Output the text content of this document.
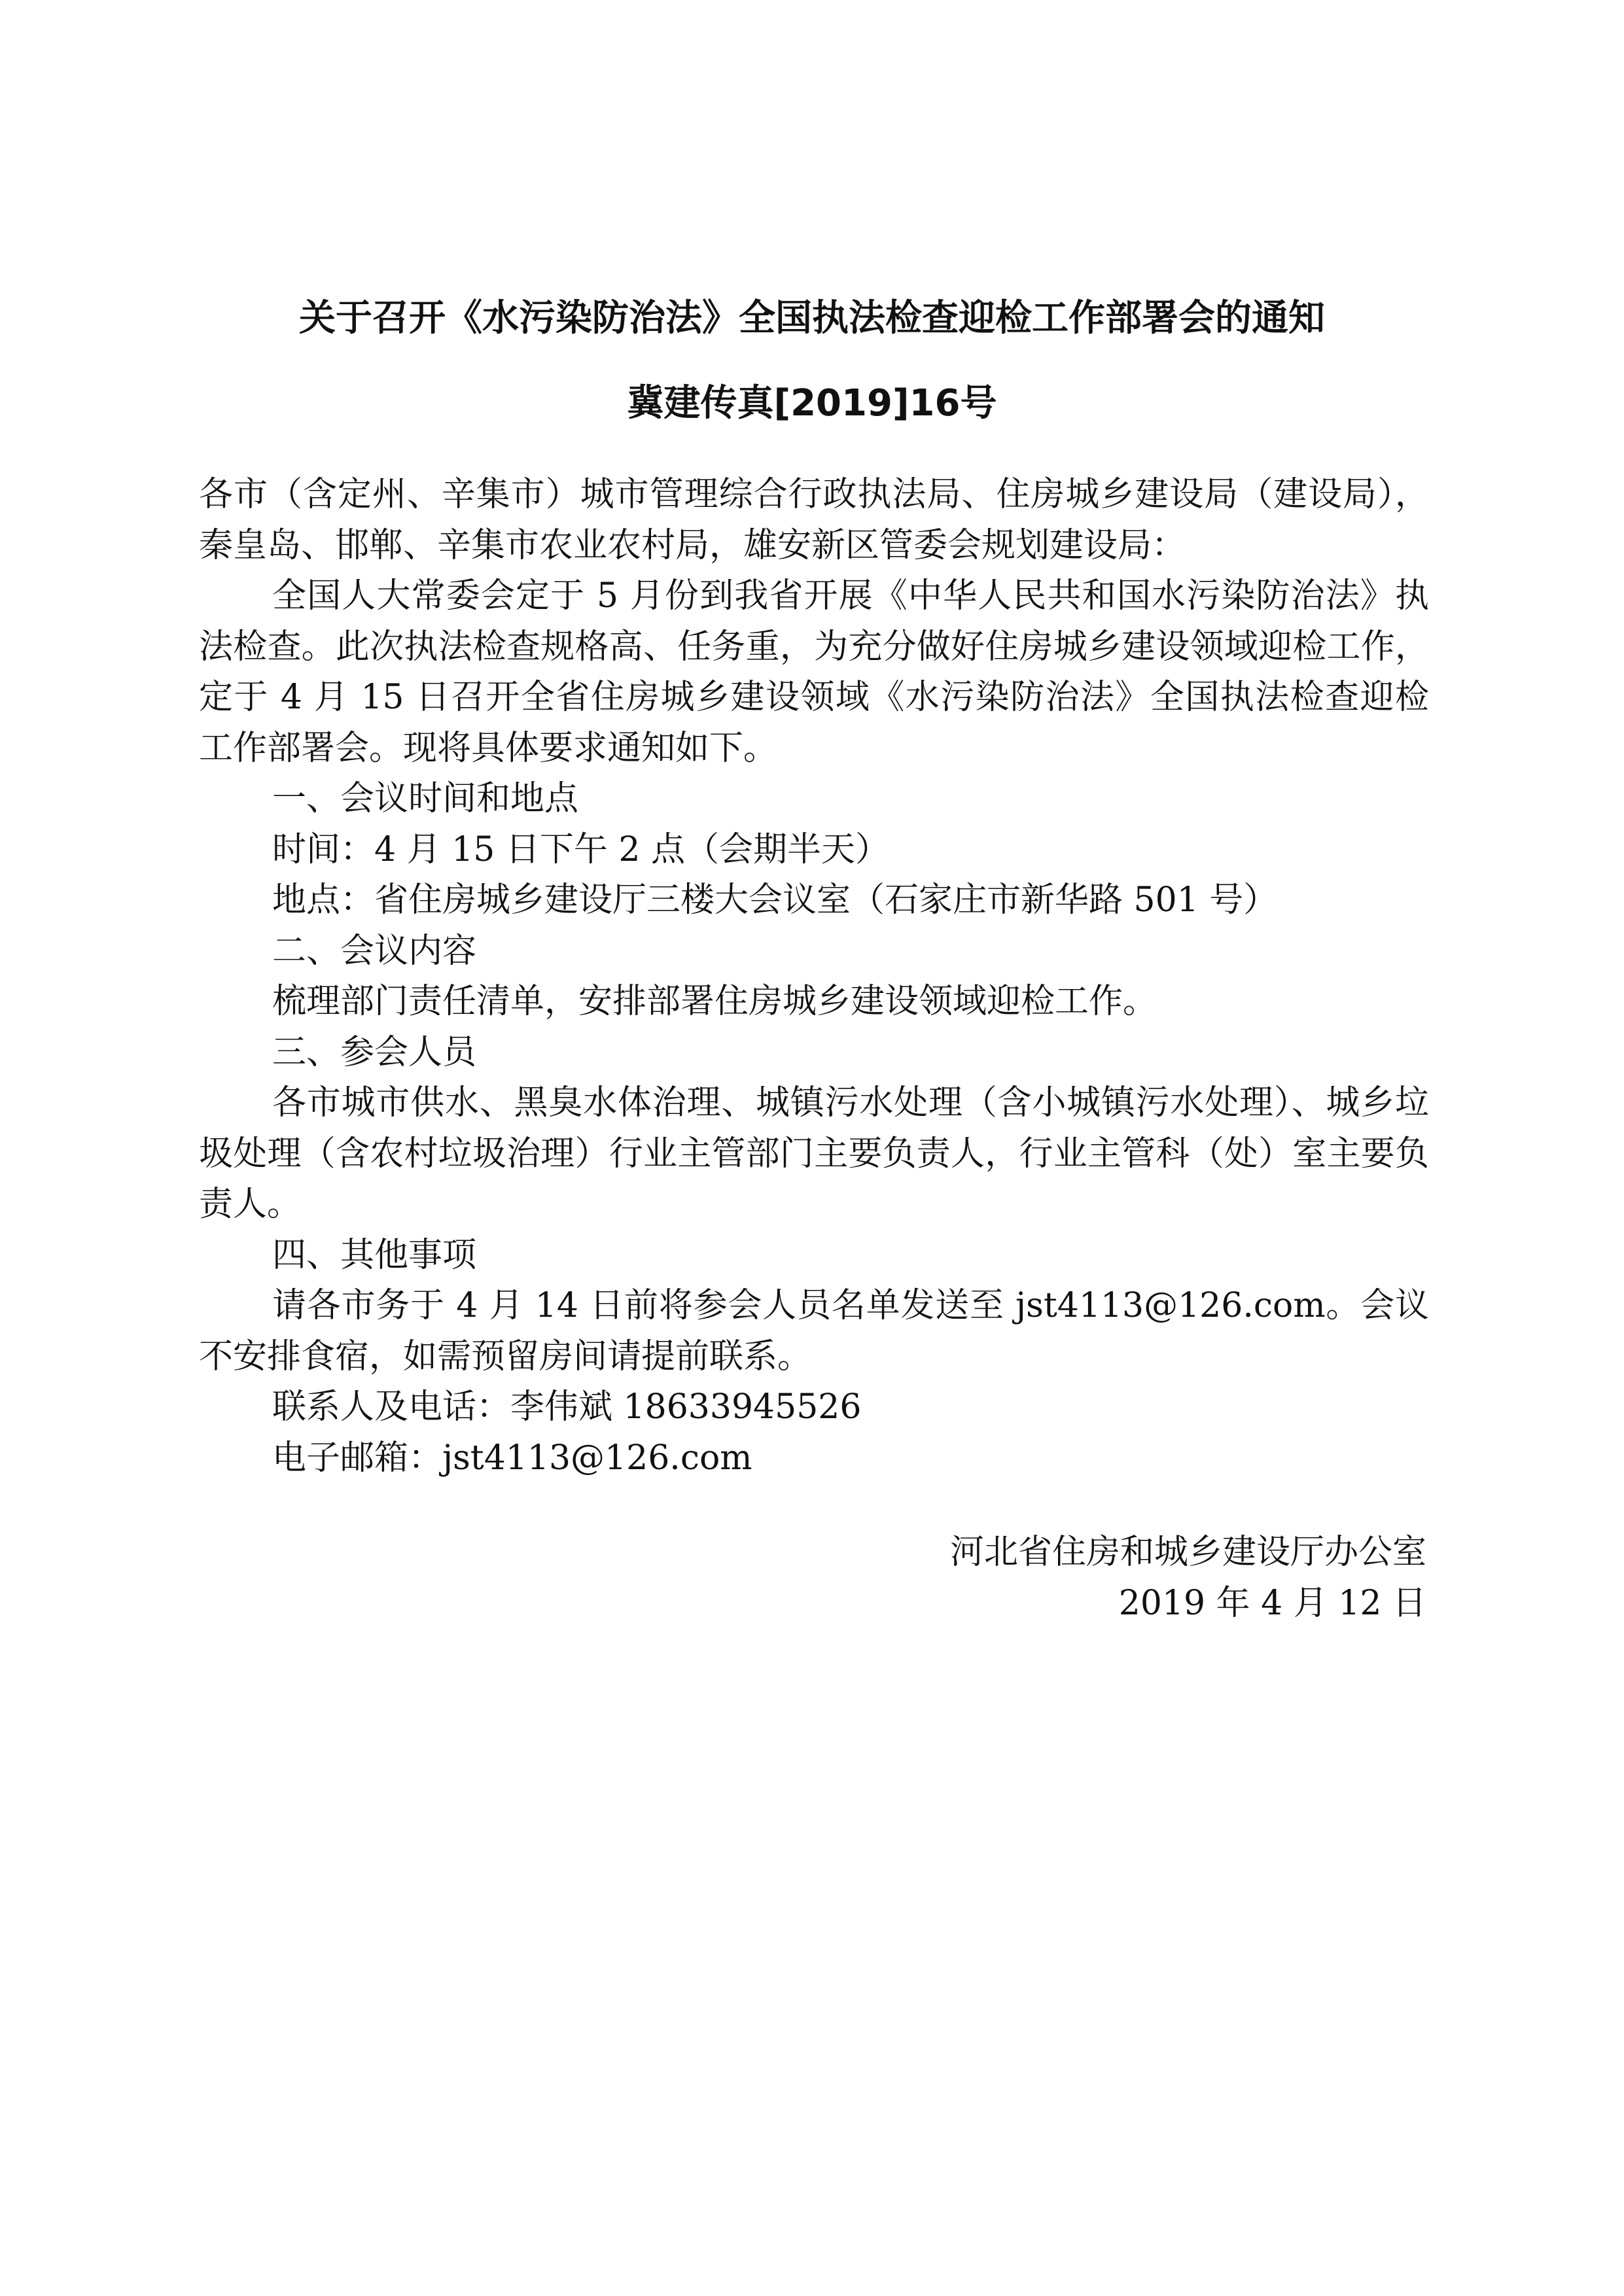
关于召开《水污染防治法》全国执法检查迎检工作部署会的通知
冀建传真[2019]16号

各市（含定州、辛集市）城市管理综合行政执法局、住房城乡建设局（建设局），秦皇岛、邯郸、辛集市农业农村局，雄安新区管委会规划建设局：

全国人大常委会定于 5 月份到我省开展《中华人民共和国水污染防治法》执法检查。此次执法检查规格高、任务重，为充分做好住房城乡建设领域迎检工作，定于 4 月 15 日召开全省住房城乡建设领域《水污染防治法》全国执法检查迎检工作部署会。现将具体要求通知如下。

一、会议时间和地点

时间：4 月 15 日下午 2 点（会期半天）

地点：省住房城乡建设厅三楼大会议室（石家庄市新华路 501 号）

二、会议内容

梳理部门责任清单，安排部署住房城乡建设领域迎检工作。

三、参会人员

各市城市供水、黑臭水体治理、城镇污水处理（含小城镇污水处理）、城乡垃圾处理（含农村垃圾治理）行业主管部门主要负责人，行业主管科（处）室主要负责人。

四、其他事项

请各市务于 4 月 14 日前将参会人员名单发送至 jst4113@126.com。会议不安排食宿，如需预留房间请提前联系。

联系人及电话：李伟斌 18633945526

电子邮箱：jst4113@126.com

河北省住房和城乡建设厅办公室
2019 年 4 月 12 日
